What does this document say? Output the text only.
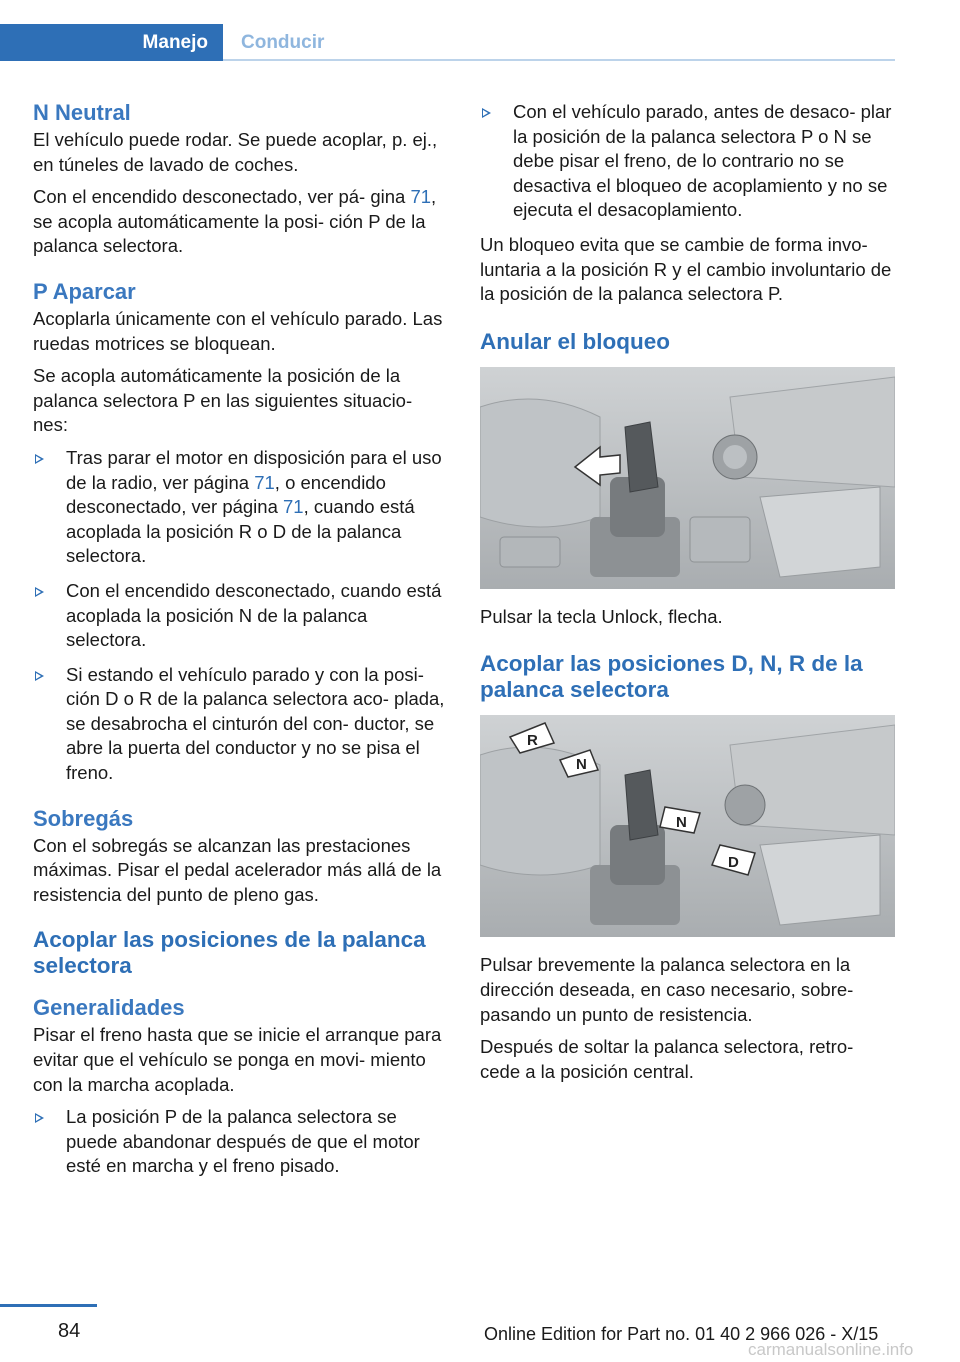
Manejo	Conducir
N Neutral

El vehículo puede rodar. Se puede acoplar, p. ej., en túneles de lavado de coches.

Con el encendido desconectado, ver pá‐ gina 71, se acopla automáticamente la posi‐ ción P de la palanca selectora.

P Aparcar

Acoplarla únicamente con el vehículo parado. Las ruedas motrices se bloquean.

Se acopla automáticamente la posición de la palanca selectora P en las siguientes situacio‐ nes:

Tras parar el motor en disposición para el uso de la radio, ver página 71, o encendido desconectado, ver página 71, cuando está acoplada la posición R o D de la palanca selectora.
Con el encendido desconectado, cuando está acoplada la posición N de la palanca selectora.
Si estando el vehículo parado y con la posi‐ ción D o R de la palanca selectora aco‐ plada, se desabrocha el cinturón del con‐ ductor, se abre la puerta del conductor y no se pisa el freno.
Sobregás

Con el sobregás se alcanzan las prestaciones máximas. Pisar el pedal acelerador más allá de la resistencia del punto de pleno gas.

Acoplar las posiciones de la palanca selectora
Generalidades

Pisar el freno hasta que se inicie el arranque para evitar que el vehículo se ponga en movi‐ miento con la marcha acoplada.

La posición P de la palanca selectora se puede abandonar después de que el motor esté en marcha y el freno pisado.
Con el vehículo parado, antes de desaco‐ plar la posición de la palanca selectora P o N se debe pisar el freno, de lo contrario no se desactiva el bloqueo de acoplamiento y no se ejecuta el desacoplamiento.

Un bloqueo evita que se cambie de forma invo‐ luntaria a la posición R y el cambio involuntario de la posición de la palanca selectora P.

Anular el bloqueo

Pulsar la tecla Unlock, flecha.

Acoplar las posiciones D, N, R de la palanca selectora
R
N
N
D

Pulsar brevemente la palanca selectora en la dirección deseada, en caso necesario, sobre‐ pasando un punto de resistencia.

Después de soltar la palanca selectora, retro‐ cede a la posición central.

84	Online Edition for Part no. 01 40 2 966 026 - X/15
carmanualsonline.info
